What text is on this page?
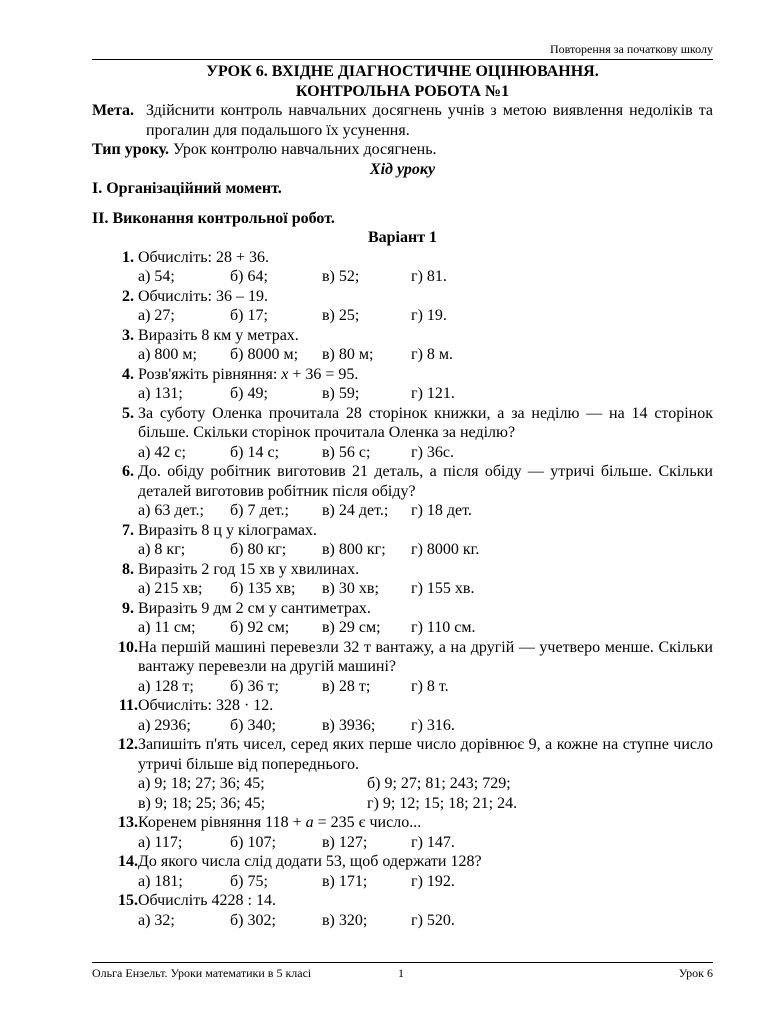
Повторення за початкову школу
УРОК 6. ВХІДНЕ ДІАГНОСТИЧНЕ ОЦІНЮВАННЯ.
КОНТРОЛЬНА РОБОТА №1
Мета. Здійснити контроль навчальних досягнень учнів з метою виявлення недоліків та прогалин для подальшого їх усунення.
Тип уроку. Урок контролю навчальних досягнень.
Хід уроку
I. Організаційний момент.
II. Виконання контрольної робот.
Варіант 1
1. Обчисліть: 28 + 36.
а) 54;	б) 64;	в) 52;	г) 81.
2. Обчисліть: 36 – 19.
а) 27;	б) 17;	в) 25;	г) 19.
3. Виразіть 8 км у метрах.
а) 800 м;	б) 8000 м;	в) 80 м;	г) 8 м.
4. Розв'яжіть рівняння: x + 36 = 95.
а) 131;	б) 49;	в) 59;	г) 121.
5. За суботу Оленка прочитала 28 сторінок книжки, а за неділю — на 14 сторінок більше. Скільки сторінок прочитала Оленка за неділю?
а) 42 с;	б) 14 с;	в) 56 с;	г) 36с.
6. До. обіду робітник виготовив 21 деталь, а після обіду — утричі більше. Скільки деталей виготовив робітник після обіду?
а) 63 дет.;	б) 7 дет.;	в) 24 дет.;	г) 18 дет.
7. Виразіть 8 ц у кілограмах.
а) 8 кг;	б) 80 кг;	в) 800 кг;	г) 8000 кг.
8. Виразіть 2 год 15 хв у хвилинах.
а) 215 хв;	б) 135 хв;	в) 30 хв;	г) 155 хв.
9. Виразіть 9 дм 2 см у сантиметрах.
а) 11 см;	б) 92 см;	в) 29 см;	г) 110 см.
10. На першій машині перевезли 32 т вантажу, а на другій — учетверо менше. Скільки вантажу перевезли на другій машині?
а) 128 т;	б) 36 т;	в) 28 т;	г) 8 т.
11. Обчисліть: 328 · 12.
а) 2936;	б) 340;	в) 3936;	г) 316.
12. Запишіть п'ять чисел, серед яких перше число дорівнює 9, а кожне на ступне число утричі більше від попереднього.
а) 9; 18; 27; 36; 45;	б) 9; 27; 81; 243; 729;
в) 9; 18; 25; 36; 45;	г) 9; 12; 15; 18; 21; 24.
13. Коренем рівняння 118 + а = 235 є число...
а) 117;	б) 107;	в) 127;	г) 147.
14. До якого числа слід додати 53, щоб одержати 128?
а) 181;	б) 75;	в) 171;	г) 192.
15. Обчисліть 4228 : 14.
а) 32;	б) 302;	в) 320;	г) 520.
Ольга Ензельт. Уроки математики в 5 класі	1	Урок 6
